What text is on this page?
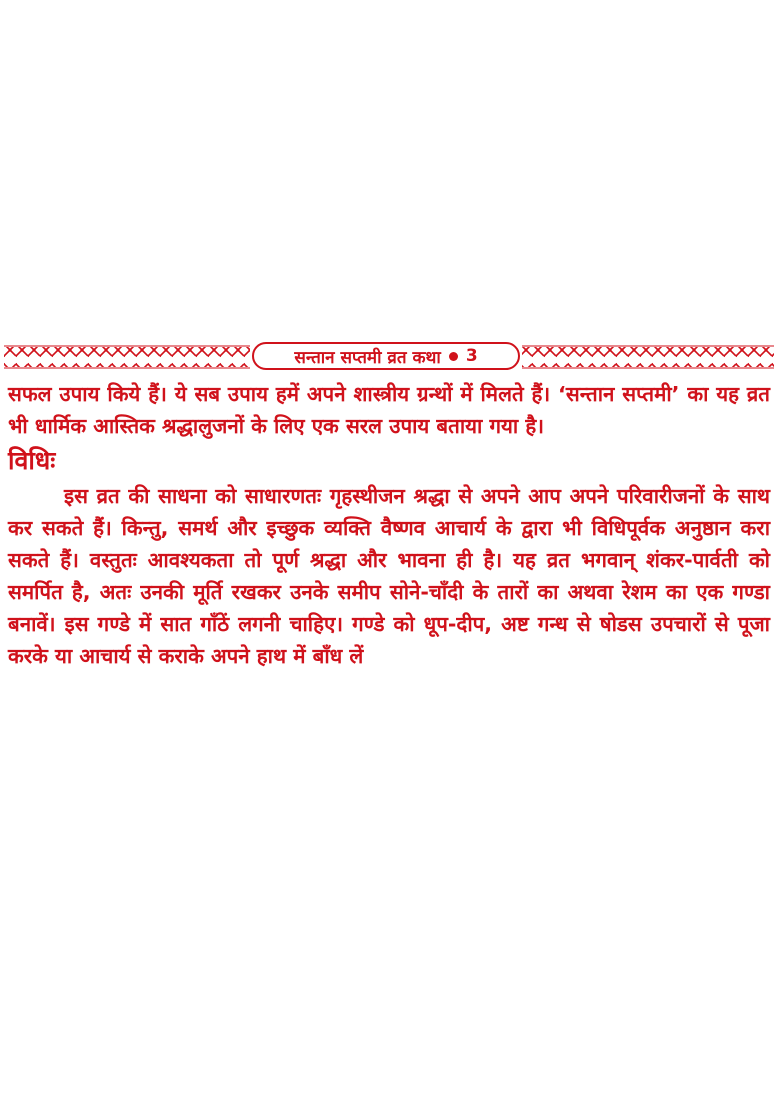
सन्तान सप्तमी व्रत कथा 3

सफल उपाय किये हैं। ये सब उपाय हमें अपने शास्त्रीय ग्रन्थों में मिलते हैं। ‘सन्तान सप्तमी’ का यह व्रत भी धार्मिक आस्तिक श्रद्धालुजनों के लिए एक सरल उपाय बताया गया है।

विधिः

इस व्रत की साधना को साधारणतः गृहस्थीजन श्रद्धा से अपने आप अपने परिवारीजनों के साथ कर सकते हैं। किन्तु, समर्थ और इच्छुक व्यक्ति वैष्णव आचार्य के द्वारा भी विधिपूर्वक अनुष्ठान करा सकते हैं। वस्तुतः आवश्यकता तो पूर्ण श्रद्धा और भावना ही है। यह व्रत भगवान् शंकर-पार्वती को समर्पित है, अतः उनकी मूर्ति रखकर उनके समीप सोने-चाँदी के तारों का अथवा रेशम का एक गण्डा बनावें। इस गण्डे में सात गाँठें लगनी चाहिए। गण्डे को धूप-दीप, अष्ट गन्ध से षोडस उपचारों से पूजा करके या आचार्य से कराके अपने हाथ में बाँध लें
